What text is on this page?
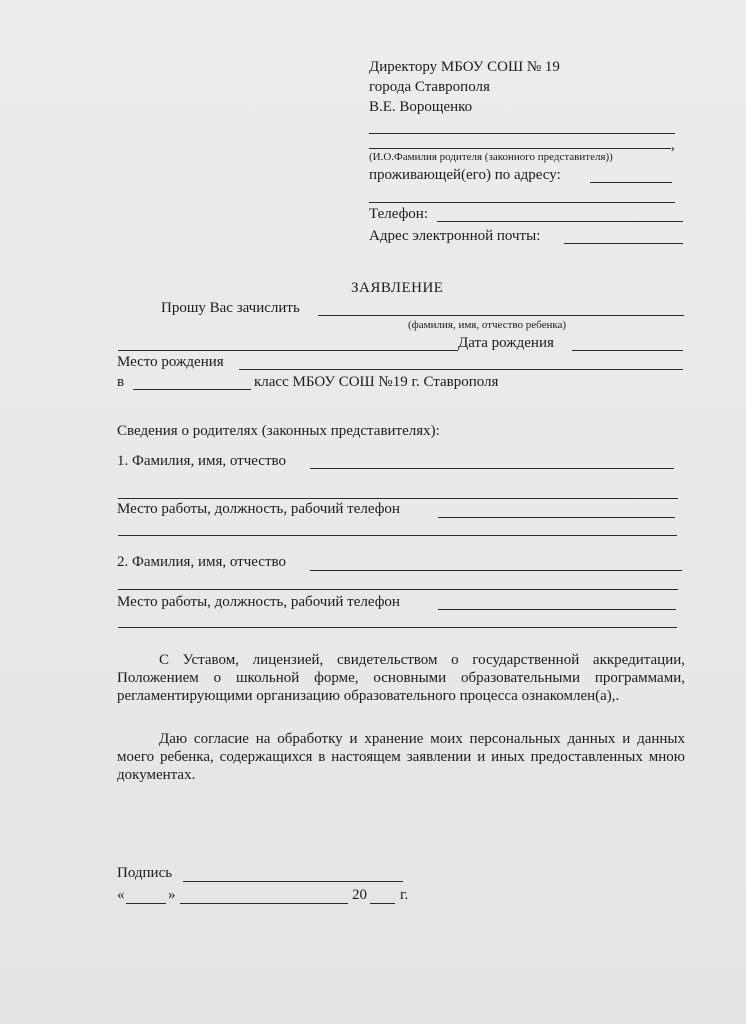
Директору МБОУ СОШ № 19
города Ставрополя
В.Е. Ворощенко
,
(И.О.Фамилия родителя (законного представителя))
проживающей(его) по адресу:
Телефон:
Адрес электронной почты:
ЗАЯВЛЕНИЕ
Прошу Вас зачислить
(фамилия, имя, отчество ребенка)
Дата рождения
Место рождения
в	класс МБОУ СОШ №19 г. Ставрополя
Сведения о родителях (законных представителях):
1. Фамилия, имя, отчество
Место работы, должность, рабочий телефон
2. Фамилия, имя, отчество
Место работы, должность, рабочий телефон
С Уставом, лицензией, свидетельством о государственной аккредитации, Положением о школьной форме, основными образовательными программами, регламентирующими организацию образовательного процесса ознакомлен(а),.
Даю согласие на обработку и хранение моих персональных данных и данных моего ребенка, содержащихся в настоящем заявлении и иных предоставленных мною документах.
Подпись
«	»	20 г.
